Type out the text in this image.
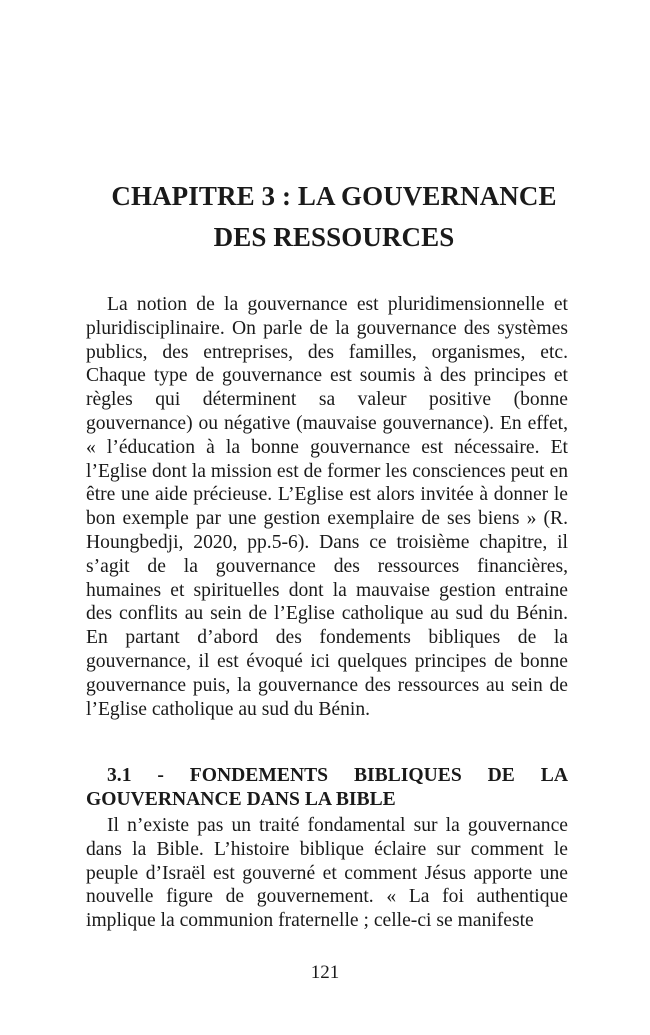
CHAPITRE 3 : LA GOUVERNANCE
DES RESSOURCES

La notion de la gouvernance est pluridimensionnelle et pluridisciplinaire. On parle de la gouvernance des systèmes publics, des entreprises, des familles, organismes, etc. Chaque type de gouvernance est soumis à des principes et règles qui déterminent sa valeur positive (bonne gouvernance) ou négative (mauvaise gouvernance). En effet, « l’éducation à la bonne gouvernance est nécessaire. Et l’Eglise dont la mission est de former les consciences peut en être une aide précieuse. L’Eglise est alors invitée à donner le bon exemple par une gestion exemplaire de ses biens » (R. Houngbedji, 2020, pp.5-6). Dans ce troisième chapitre, il s’agit de la gouvernance des ressources financières, humaines et spirituelles dont la mauvaise gestion entraine des conflits au sein de l’Eglise catholique au sud du Bénin. En partant d’abord des fondements bibliques de la gouvernance, il est évoqué ici quelques principes de bonne gouvernance puis, la gouvernance des ressources au sein de l’Eglise catholique au sud du Bénin.

3.1 - FONDEMENTS BIBLIQUES DE LA
GOUVERNANCE DANS LA BIBLE

Il n’existe pas un traité fondamental sur la gouvernance dans la Bible. L’histoire biblique éclaire sur comment le peuple d’Israël est gouverné et comment Jésus apporte une nouvelle figure de gouvernement. « La foi authentique implique la communion fraternelle ; celle-ci se manifeste

121
